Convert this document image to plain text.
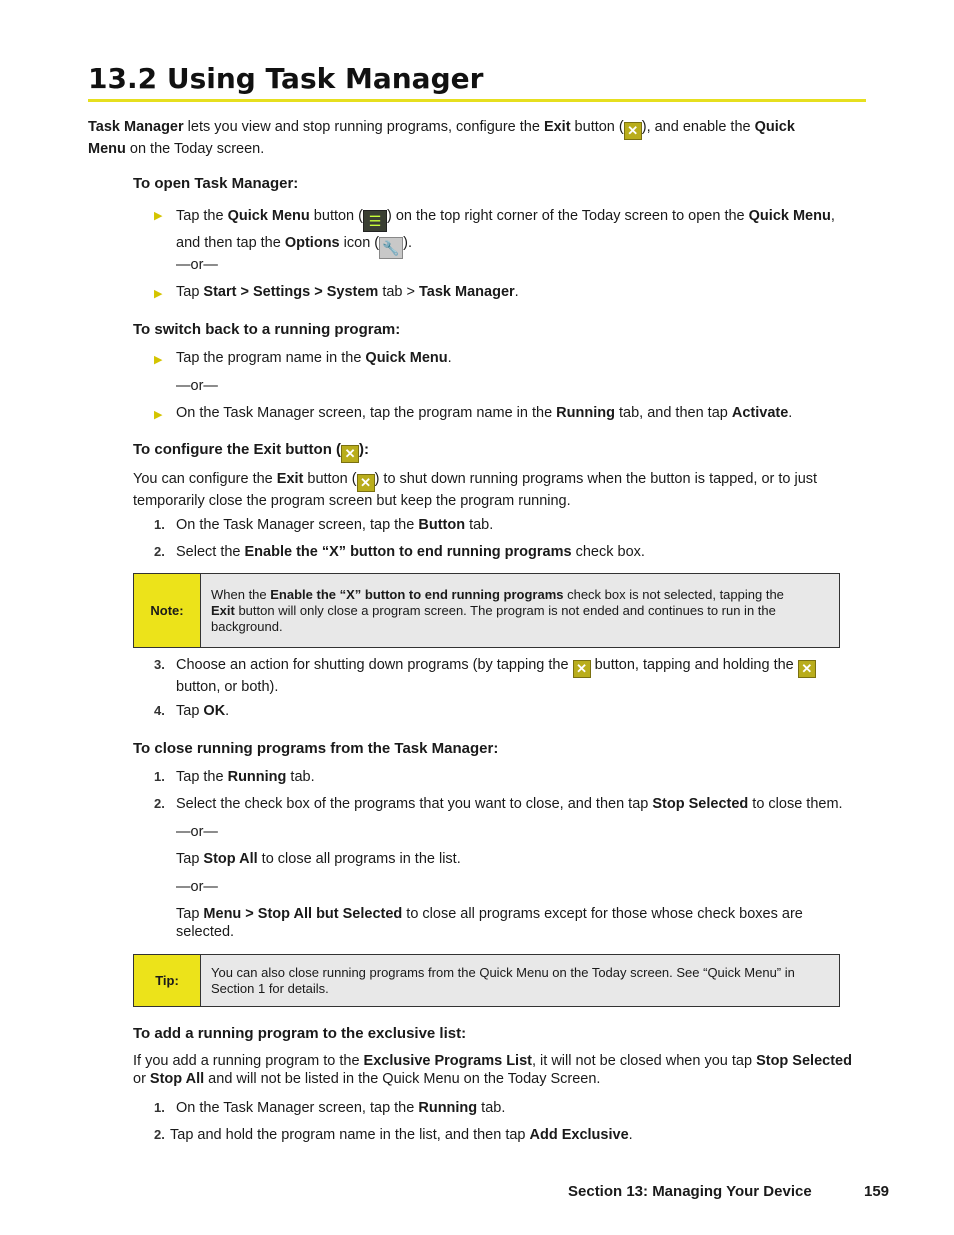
13.2 Using Task Manager
Task Manager lets you view and stop running programs, configure the Exit button ( ✕ ), and enable the Quick
Menu on the Today screen.
To open Task Manager:
▶ Tap the Quick Menu button ( ☰ ) on the top right corner of the Today screen to open the Quick Menu,
and then tap the Options icon ( 🔧 ).
—or—
▶ Tap Start > Settings > System tab > Task Manager.
To switch back to a running program:
▶ Tap the program name in the Quick Menu.
—or—
▶ On the Task Manager screen, tap the program name in the Running tab, and then tap Activate.
To configure the Exit button ( ✕ ):
You can configure the Exit button ( ✕ ) to shut down running programs when the button is tapped, or to just
temporarily close the program screen but keep the program running.
1. On the Task Manager screen, tap the Button tab.
2. Select the Enable the “X” button to end running programs check box.
Note:
When the Enable the “X” button to end running programs check box is not selected, tapping the
Exit button will only close a program screen. The program is not ended and continues to run in the
background.
3. Choose an action for shutting down programs (by tapping the ✕ button, tapping and holding the ✕
button, or both).
4. Tap OK.
To close running programs from the Task Manager:
1. Tap the Running tab.
2. Select the check box of the programs that you want to close, and then tap Stop Selected to close them.
—or—
Tap Stop All to close all programs in the list.
—or—
Tap Menu > Stop All but Selected to close all programs except for those whose check boxes are
selected.
Tip:
You can also close running programs from the Quick Menu on the Today screen. See “Quick Menu” in
Section 1 for details.
To add a running program to the exclusive list:
If you add a running program to the Exclusive Programs List, it will not be closed when you tap Stop Selected
or Stop All and will not be listed in the Quick Menu on the Today Screen.
1. On the Task Manager screen, tap the Running tab.
2. Tap and hold the program name in the list, and then tap Add Exclusive.
Section 13: Managing Your Device	159
